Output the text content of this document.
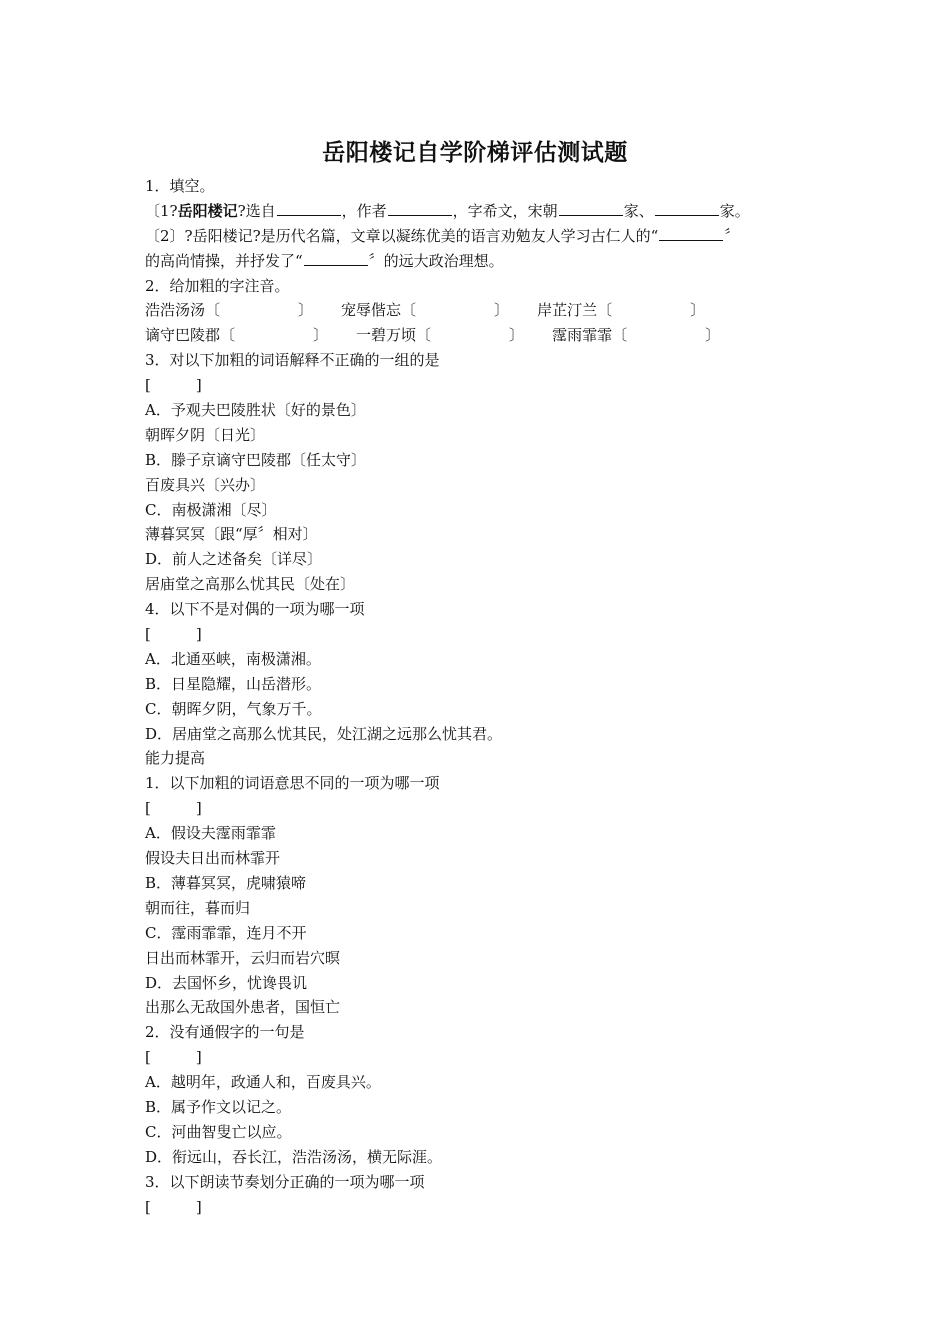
岳阳楼记自学阶梯评估测试题
1．填空。
〔1?岳阳楼记?选自	，作者	，字希文，宋朝	家、	家。
〔2〕?岳阳楼记?是历代名篇，文章以凝练优美的语言劝勉友人学习古仁人的“	〞
的高尚情操，并抒发了“	〞的远大政治理想。
2．给加粗的字注音。
浩浩汤汤〔	〕 宠辱偕忘〔	〕 岸芷汀兰〔	〕
谪守巴陵郡〔	〕 一碧万顷〔	〕 霪雨霏霏〔	〕
3．对以下加粗的词语解释不正确的一组的是
[　　　]
A．予观夫巴陵胜状〔好的景色〕
朝晖夕阴〔日光〕
B．滕子京谪守巴陵郡〔任太守〕
百废具兴〔兴办〕
C．南极潇湘〔尽〕
薄暮冥冥〔跟“厚〞相对〕
D．前人之述备矣〔详尽〕
居庙堂之高那么忧其民〔处在〕
4．以下不是对偶的一项为哪一项
[　　　]
A．北通巫峡，南极潇湘。
B．日星隐耀，山岳潜形。
C．朝晖夕阴，气象万千。
D．居庙堂之高那么忧其民，处江湖之远那么忧其君。
能力提高
1．以下加粗的词语意思不同的一项为哪一项
[　　　]
A．假设夫霪雨霏霏
假设夫日出而林霏开
B．薄暮冥冥，虎啸猿啼
朝而往，暮而归
C．霪雨霏霏，连月不开
日出而林霏开，云归而岩穴暝
D．去国怀乡，忧谗畏讥
出那么无敌国外患者，国恒亡
2．没有通假字的一句是
[　　　]
A．越明年，政通人和，百废具兴。
B．属予作文以记之。
C．河曲智叟亡以应。
D．衔远山，吞长江，浩浩汤汤，横无际涯。
3．以下朗读节奏划分正确的一项为哪一项
[　　　]
